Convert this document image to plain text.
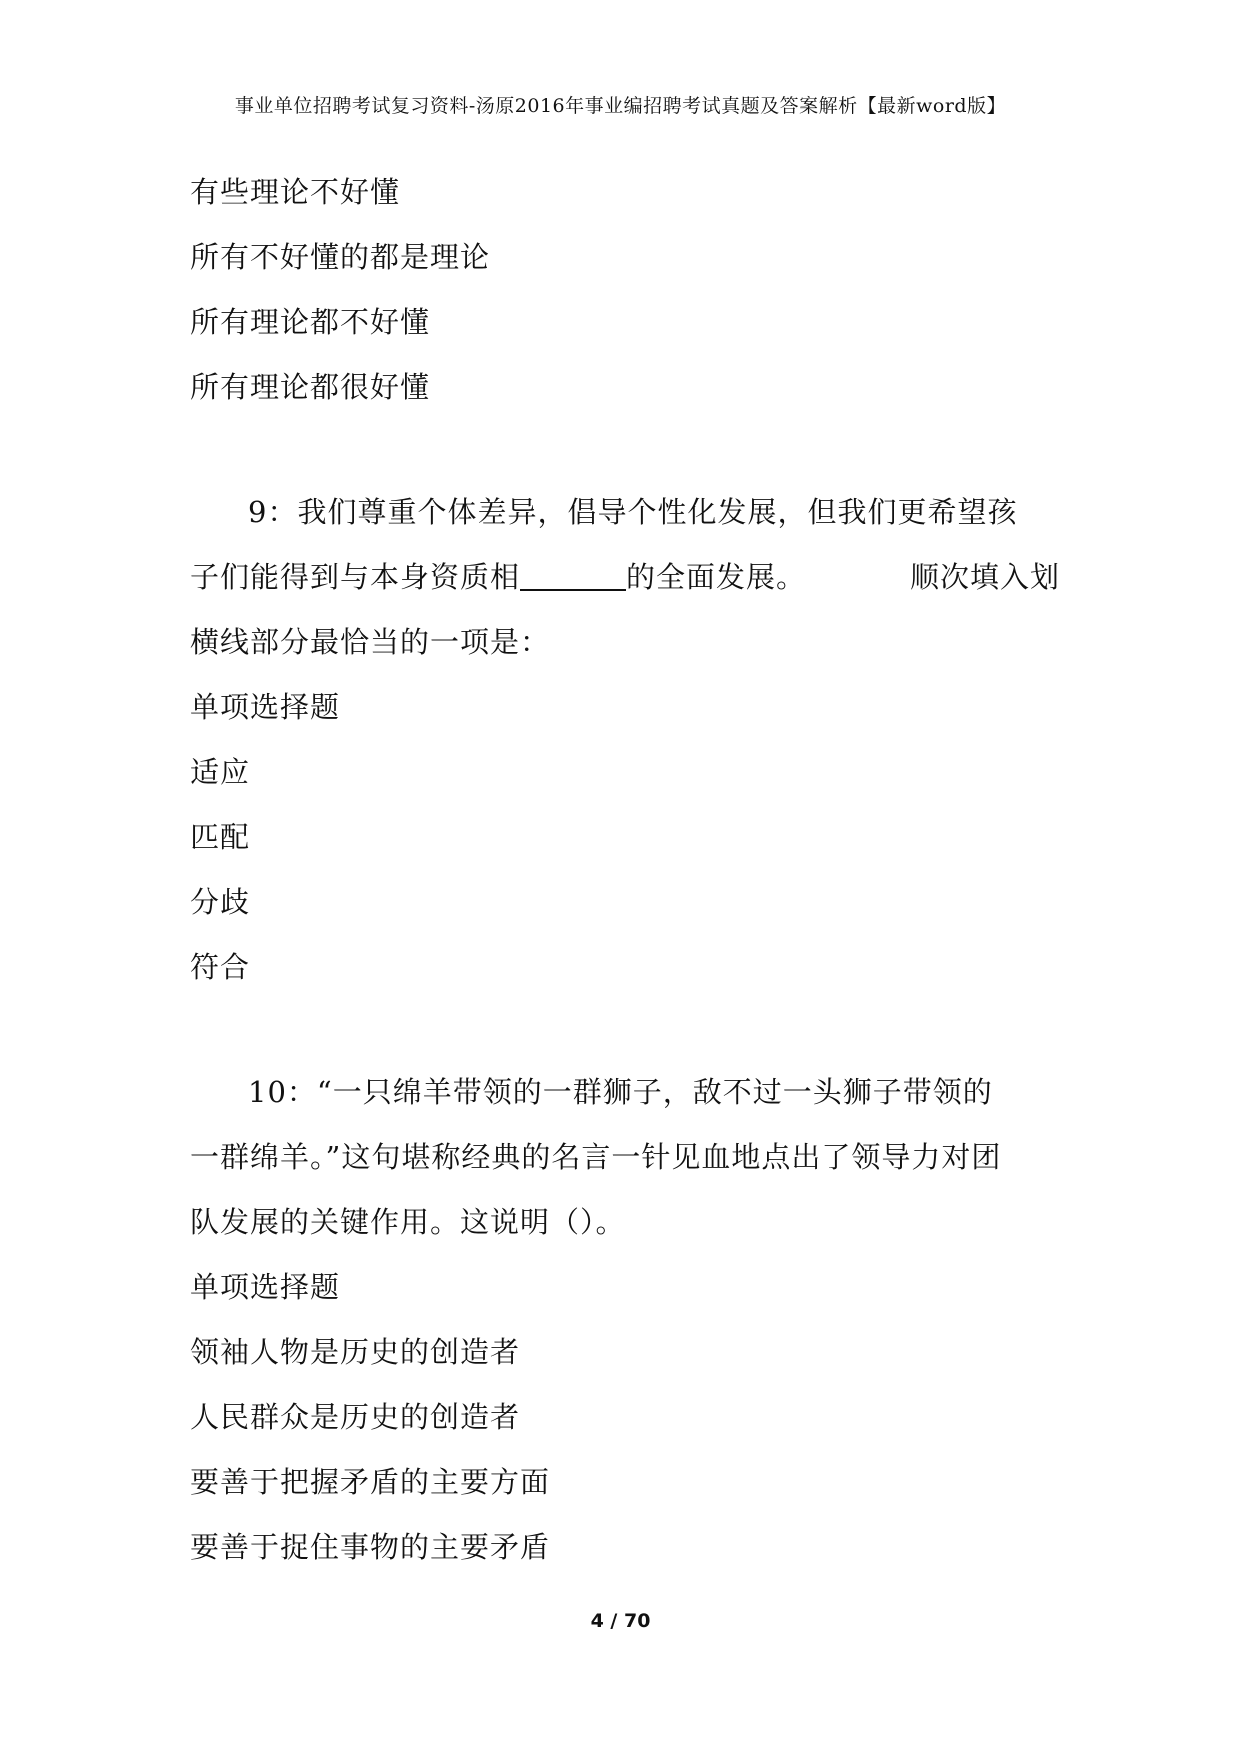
事业单位招聘考试复习资料-汤原2016年事业编招聘考试真题及答案解析【最新word版】
有些理论不好懂
所有不好懂的都是理论
所有理论都不好懂
所有理论都很好懂
9：我们尊重个体差异，倡导个性化发展，但我们更希望孩
子们能得到与本身资质相	的全面发展。	顺次填入划
横线部分最恰当的一项是：
单项选择题
适应
匹配
分歧
符合
10：“一只绵羊带领的一群狮子，敌不过一头狮子带领的
一群绵羊。”这句堪称经典的名言一针见血地点出了领导力对团
队发展的关键作用。这说明（）。
单项选择题
领袖人物是历史的创造者
人民群众是历史的创造者
要善于把握矛盾的主要方面
要善于捉住事物的主要矛盾
4 / 70
